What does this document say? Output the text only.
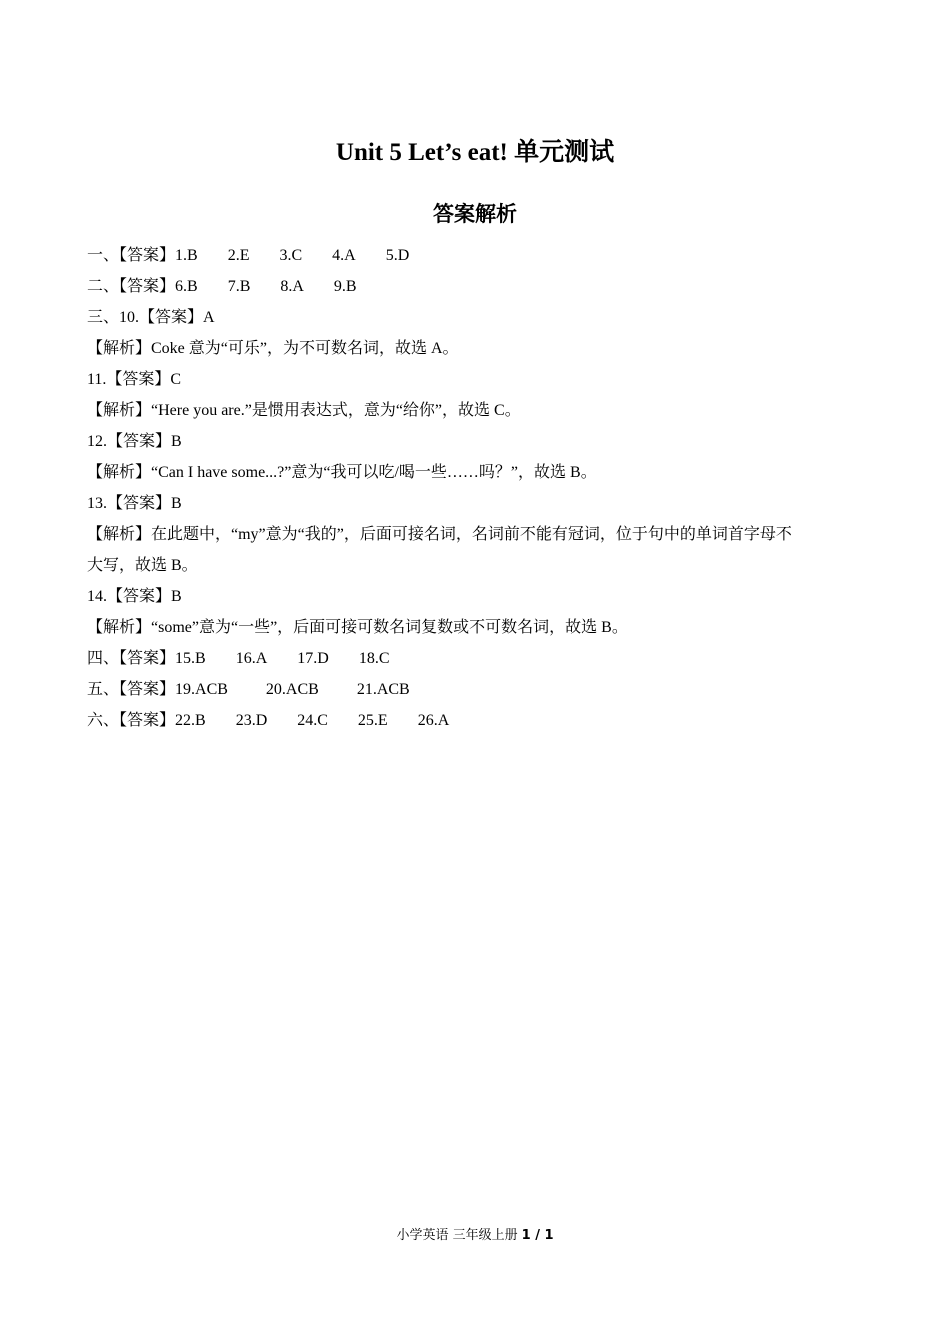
Unit 5 Let’s eat! 单元测试
答案解析
一、【答案】1.B 2.E 3.C 4.A 5.D
二、【答案】6.B 7.B 8.A 9.B
三、10.【答案】A
【解析】Coke 意为“可乐”，为不可数名词，故选 A。
11.【答案】C
【解析】“Here you are.”是惯用表达式，意为“给你”，故选 C。
12.【答案】B
【解析】“Can I have some...?”意为“我可以吃/喝一些……吗？”，故选 B。
13.【答案】B
【解析】在此题中，“my”意为“我的”，后面可接名词，名词前不能有冠词，位于句中的单词首字母不
大写，故选 B。
14.【答案】B
【解析】“some”意为“一些”，后面可接可数名词复数或不可数名词，故选 B。
四、【答案】15.B 16.A 17.D 18.C
五、【答案】19.ACB 20.ACB 21.ACB
六、【答案】22.B 23.D 24.C 25.E 26.A
小学英语 三年级上册 1 / 1
